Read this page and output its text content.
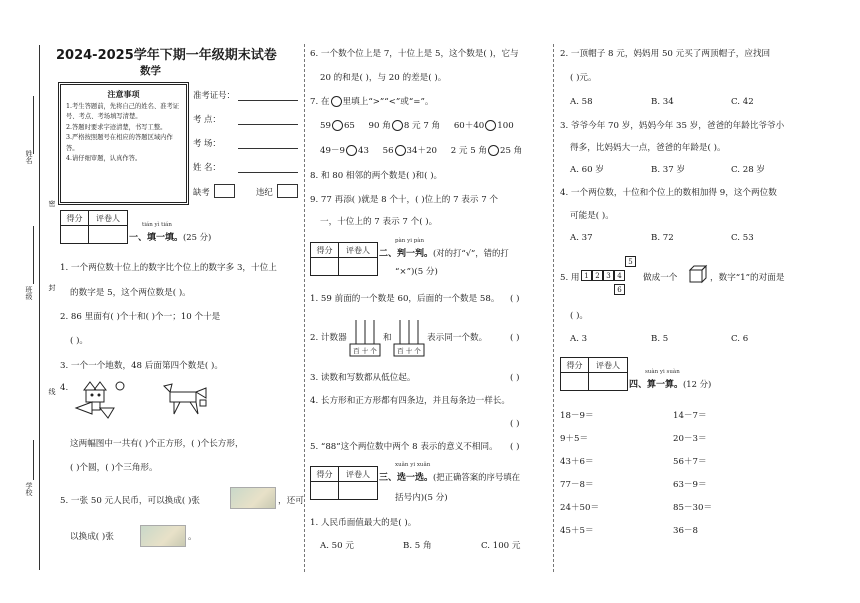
姓名
密
班级 封
线
学校
2024-2025学年下期一年级期末试卷
数学
注意事项

1.考生答题前，先将自己的姓名、准考证号、考点、考场填写清楚。

2.答题时要求字迹清楚，书写工整。

3.严格按照题号在相应的答题区域内作答。

4.请仔细审题，认真作答。

准考证号：
考 点：
考 场：
姓 名：
缺考	违纪
得分	评卷人
tián yì tián
一、填一填。(25 分)
1. 一个两位数十位上的数字比个位上的数字多 3，十位上
的数字是 5，这个两位数是( )。
2. 86 里面有( )个十和( )个一；10 个十是
( )。
3. 一个一个地数，48 后面第四个数是( )。
4.
这两幅图中一共有( )个正方形，( )个长方形，
( )个圆，( )个三角形。
5. 一张 50 元人民币，可以换成( )张	，还可
以换成( )张	。
6. 一个数个位上是 7，十位上是 5，这个数是( )，它与
20 的和是( )，与 20 的差是( )。
7. 在 里填上“>”“<”或“=”。
59 65 90 角 8 元 7 角 60＋40 100
49－9 43 56 34＋20 2 元 5 角 25 角
8. 和 80 相邻的两个数是( )和( )。
9. 77 再添( )就是 8 个十，( )位上的 7 表示 7 个
一，十位上的 7 表示 7 个( )。
得分	评卷人
pàn yi pàn
二、判一判。(对的打“√”，错的打
“×”)(5 分)
1. 59 前面的一个数是 60，后面的一个数是 58。 ( )
2. 计数器
百 十 个
和
百 十 个
表示同一个数。	( )
3. 读数和写数都从低位起。	( )
4. 长方形和正方形都有四条边，并且每条边一样长。
( )
5. “88”这个两位数中两个 8 表示的意义不相同。 ( )
得分	评卷人
xuǎn yi xuǎn
三、选一选。(把正确答案的序号填在
括号内)(5 分)
1. 人民币面值最大的是( )。
A. 50 元	B. 5 角	C. 100 元
2. 一顶帽子 8 元，妈妈用 50 元买了两顶帽子，应找回
( )元。
A. 58	B. 34	C. 42
3. 爷爷今年 70 岁，妈妈今年 35 岁，爸爸的年龄比爷爷小
得多，比妈妈大一点，爸爸的年龄是( )。
A. 60 岁	B. 37 岁	C. 28 岁
4. 一个两位数，十位和个位上的数相加得 9，这个两位数
可能是( )。
A. 37	B. 72	C. 53
5. 用 1 2 3 4
5
6
做成一个	，数字“1”的对面是
( )。
A. 3	B. 5	C. 6
得分	评卷人
suàn yi suàn
四、算一算。(12 分)
18－9＝	14－7＝
9＋5＝	20－3＝
43＋6＝	56＋7＝
77－8＝	63－9＝
24＋50＝	85－30＝
45＋5＝	36－8
